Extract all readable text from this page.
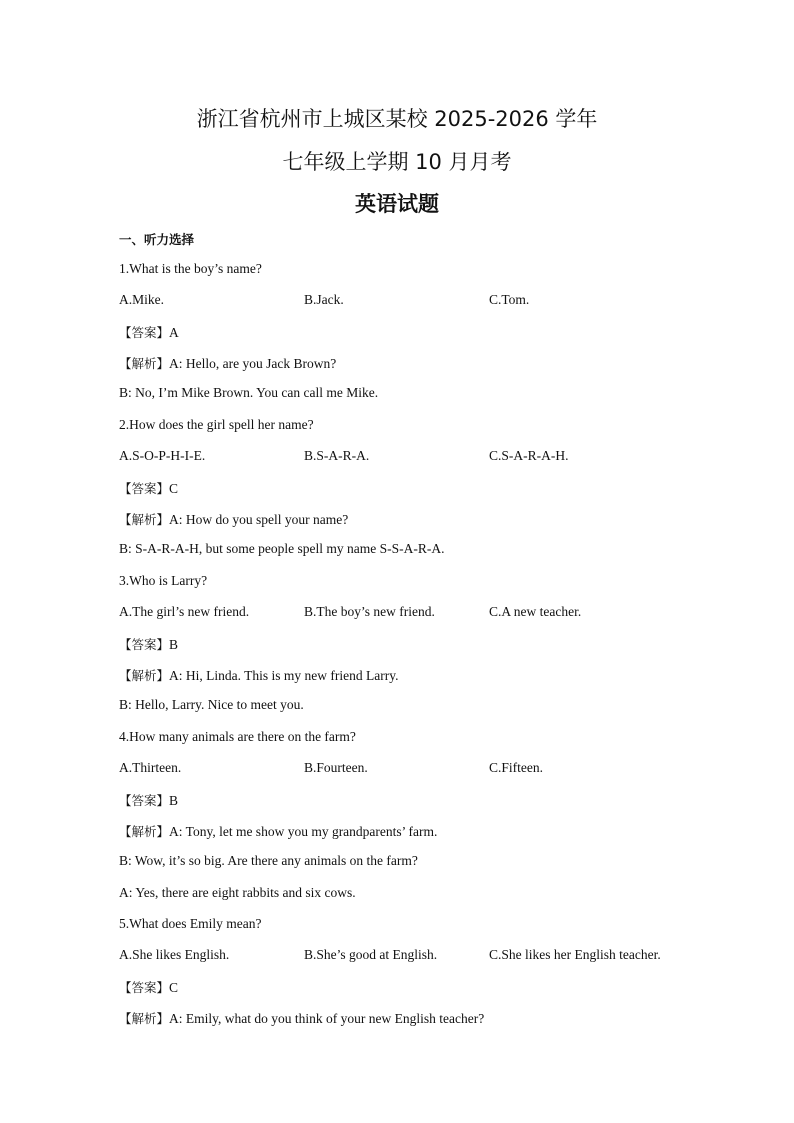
浙江省杭州市上城区某校 2025-2026 学年
七年级上学期 10 月月考
英语试题
一、听力选择
1.What is the boy’s name?
A.Mike.	B.Jack.	C.Tom.
【答案】A
【解析】A: Hello, are you Jack Brown?
B: No, I’m Mike Brown. You can call me Mike.
2.How does the girl spell her name?
A.S-O-P-H-I-E.	B.S-A-R-A.	C.S-A-R-A-H.
【答案】C
【解析】A: How do you spell your name?
B: S-A-R-A-H, but some people spell my name S-S-A-R-A.
3.Who is Larry?
A.The girl’s new friend.	B.The boy’s new friend.	C.A new teacher.
【答案】B
【解析】A: Hi, Linda. This is my new friend Larry.
B: Hello, Larry. Nice to meet you.
4.How many animals are there on the farm?
A.Thirteen.	B.Fourteen.	C.Fifteen.
【答案】B
【解析】A: Tony, let me show you my grandparents’ farm.
B: Wow, it’s so big. Are there any animals on the farm?
A: Yes, there are eight rabbits and six cows.
5.What does Emily mean?
A.She likes English.	B.She’s good at English.	C.She likes her English teacher.
【答案】C
【解析】A: Emily, what do you think of your new English teacher?
